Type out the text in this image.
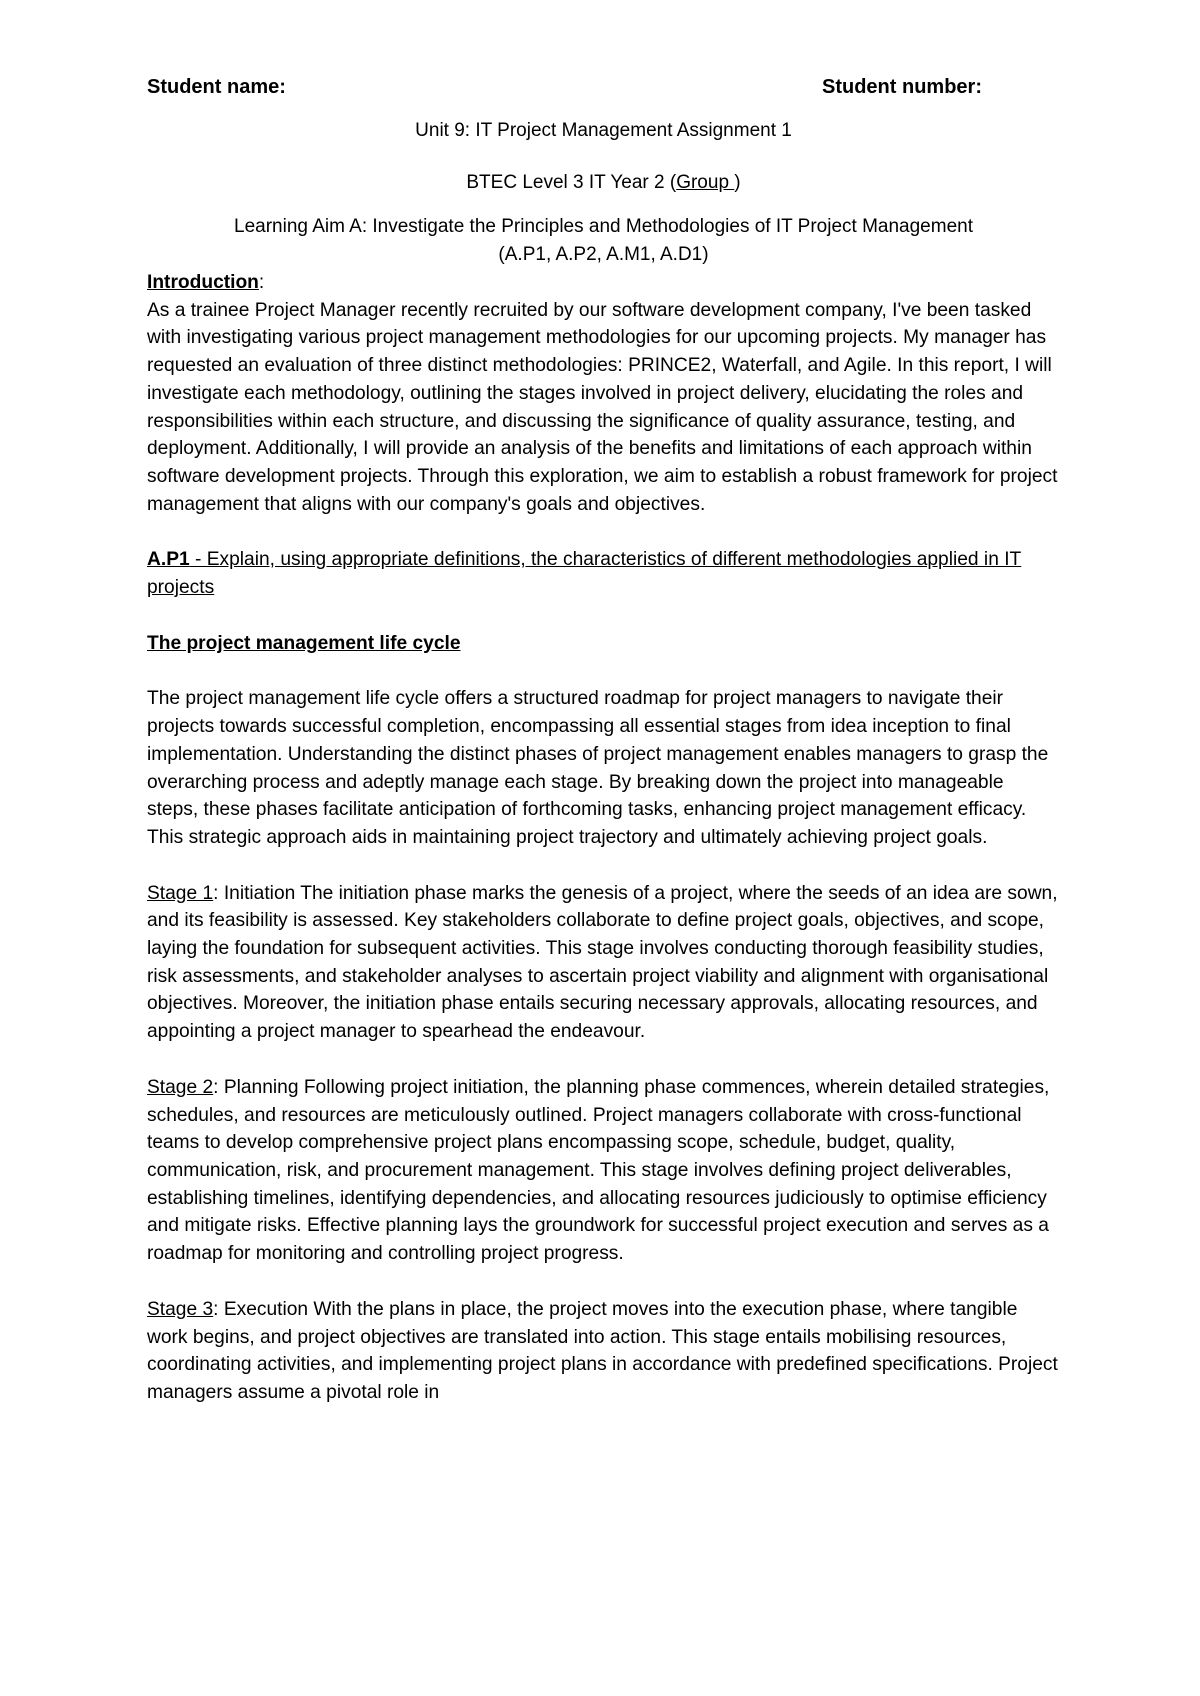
Student name:	Student number:

Unit 9: IT Project Management Assignment 1

BTEC Level 3 IT Year 2 (Group )

Learning Aim A: Investigate the Principles and Methodologies of IT Project Management

(A.P1, A.P2, A.M1, A.D1)

Introduction:

As a trainee Project Manager recently recruited by our software development company, I've been tasked with investigating various project management methodologies for our upcoming projects. My manager has requested an evaluation of three distinct methodologies: PRINCE2, Waterfall, and Agile. In this report, I will investigate each methodology, outlining the stages involved in project delivery, elucidating the roles and responsibilities within each structure, and discussing the significance of quality assurance, testing, and deployment. Additionally, I will provide an analysis of the benefits and limitations of each approach within software development projects. Through this exploration, we aim to establish a robust framework for project management that aligns with our company's goals and objectives.

A.P1 - Explain, using appropriate definitions, the characteristics of different methodologies applied in IT projects

The project management life cycle

The project management life cycle offers a structured roadmap for project managers to navigate their projects towards successful completion, encompassing all essential stages from idea inception to final implementation. Understanding the distinct phases of project management enables managers to grasp the overarching process and adeptly manage each stage. By breaking down the project into manageable steps, these phases facilitate anticipation of forthcoming tasks, enhancing project management efficacy. This strategic approach aids in maintaining project trajectory and ultimately achieving project goals.

Stage 1: Initiation The initiation phase marks the genesis of a project, where the seeds of an idea are sown, and its feasibility is assessed. Key stakeholders collaborate to define project goals, objectives, and scope, laying the foundation for subsequent activities. This stage involves conducting thorough feasibility studies, risk assessments, and stakeholder analyses to ascertain project viability and alignment with organisational objectives. Moreover, the initiation phase entails securing necessary approvals, allocating resources, and appointing a project manager to spearhead the endeavour.

Stage 2: Planning Following project initiation, the planning phase commences, wherein detailed strategies, schedules, and resources are meticulously outlined. Project managers collaborate with cross-functional teams to develop comprehensive project plans encompassing scope, schedule, budget, quality, communication, risk, and procurement management. This stage involves defining project deliverables, establishing timelines, identifying dependencies, and allocating resources judiciously to optimise efficiency and mitigate risks. Effective planning lays the groundwork for successful project execution and serves as a roadmap for monitoring and controlling project progress.

Stage 3: Execution With the plans in place, the project moves into the execution phase, where tangible work begins, and project objectives are translated into action. This stage entails mobilising resources, coordinating activities, and implementing project plans in accordance with predefined specifications. Project managers assume a pivotal role in
